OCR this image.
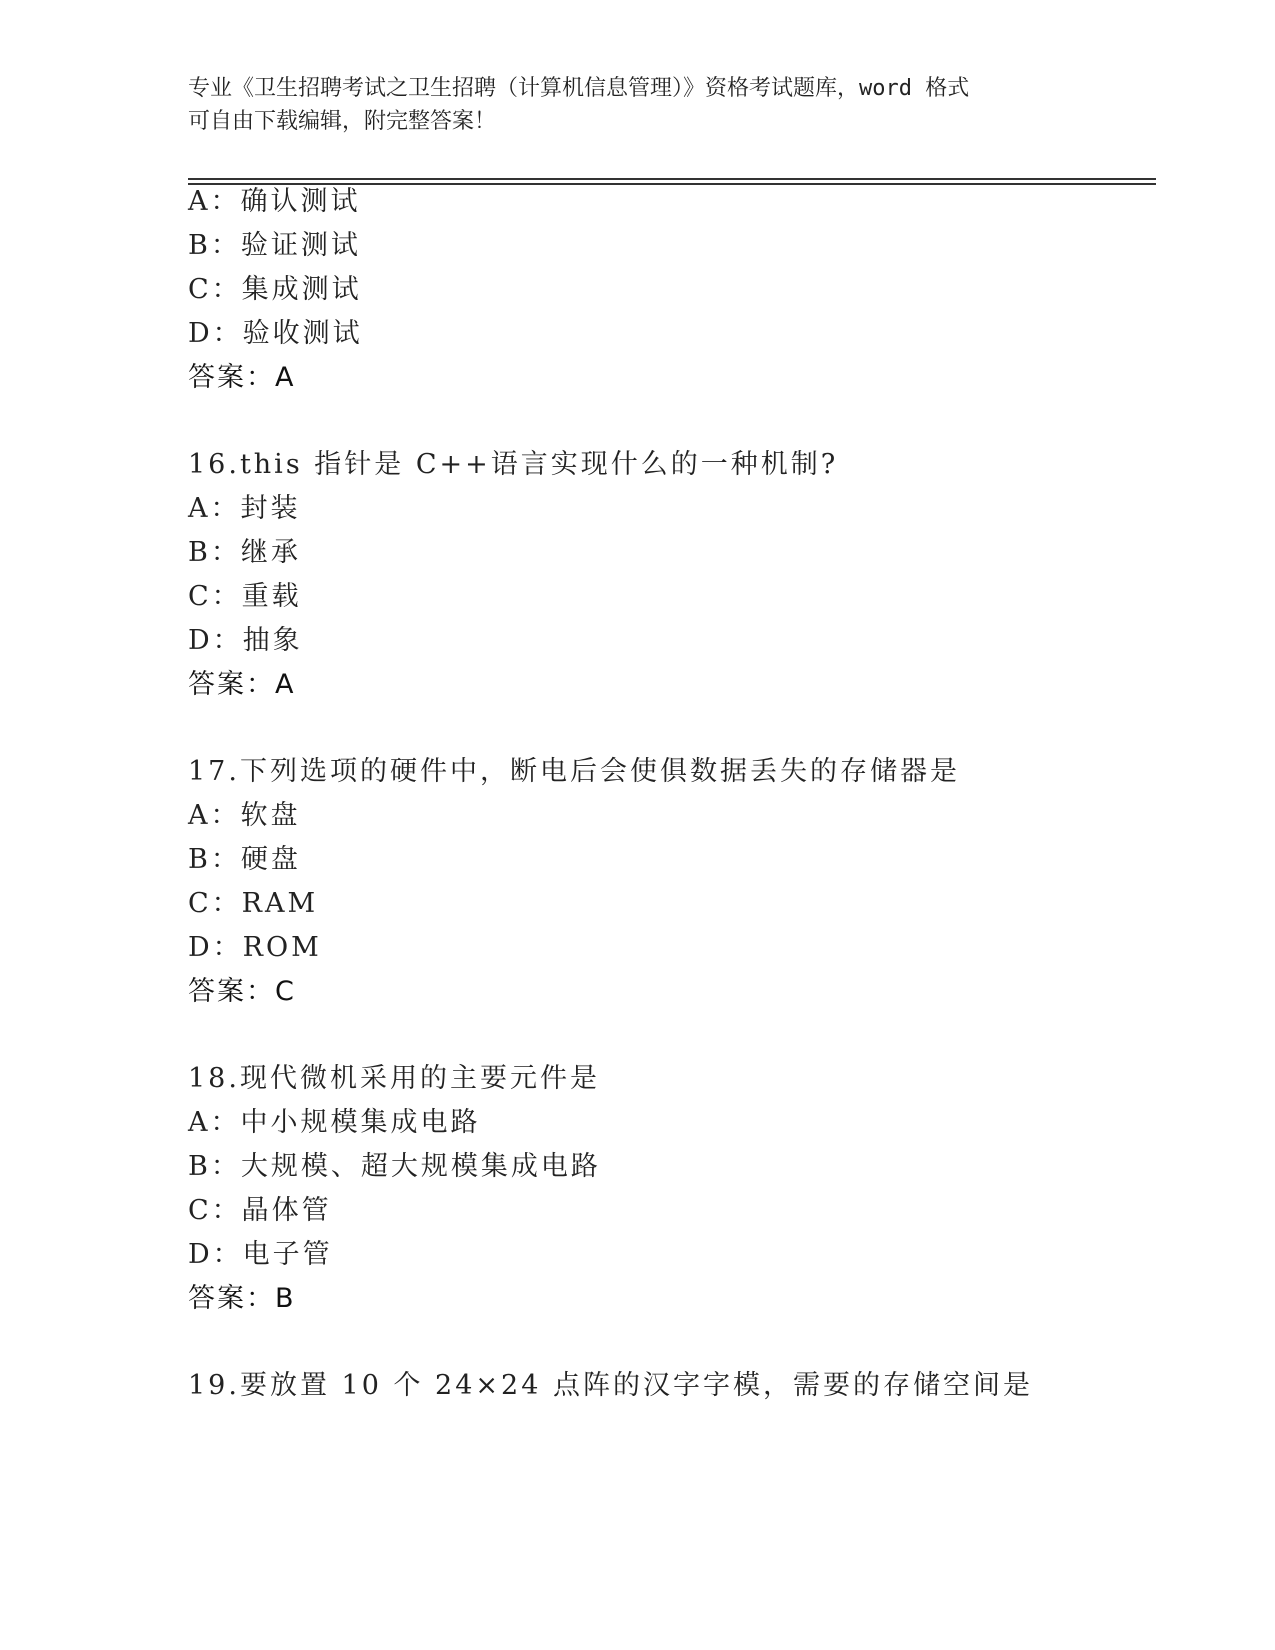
专业《卫生招聘考试之卫生招聘（计算机信息管理）》资格考试题库，word 格式
可自由下载编辑，附完整答案！
A：确认测试
B：验证测试
C：集成测试
D：验收测试
答案：A
16.this 指针是 C++语言实现什么的一种机制?
A：封装
B：继承
C：重载
D：抽象
答案：A
17.下列选项的硬件中，断电后会使俱数据丢失的存储器是
A：软盘
B：硬盘
C：RAM
D：ROM
答案：C
18.现代微机采用的主要元件是
A：中小规模集成电路
B：大规模、超大规模集成电路
C：晶体管
D：电子管
答案：B
19.要放置 10 个 24×24 点阵的汉字字模，需要的存储空间是
